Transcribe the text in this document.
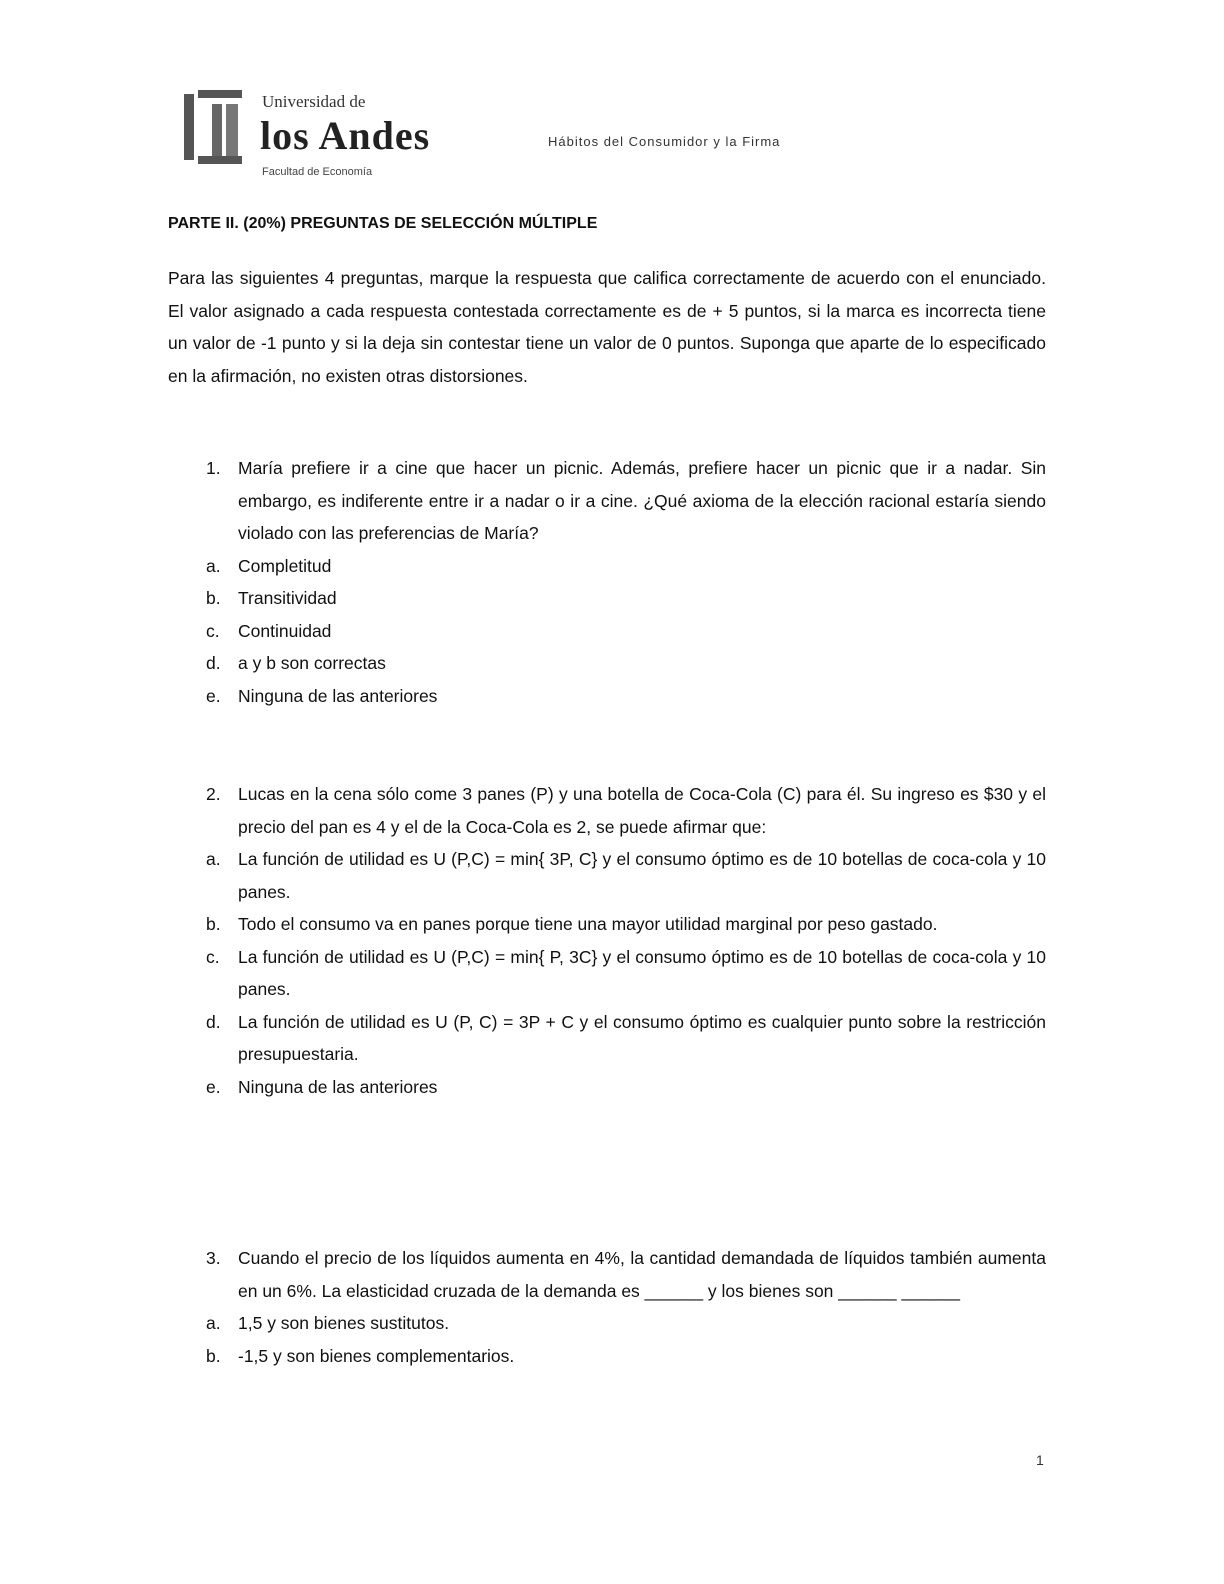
Universidad de
los Andes
Facultad de Economía
Hábitos del Consumidor y la Firma
PARTE II. (20%) PREGUNTAS DE SELECCIÓN MÚLTIPLE
Para las siguientes 4 preguntas, marque la respuesta que califica correctamente de acuerdo con el enunciado. El valor asignado a cada respuesta contestada correctamente es de + 5 puntos, si la marca es incorrecta tiene un valor de -1 punto y si la deja sin contestar tiene un valor de 0 puntos. Suponga que aparte de lo especificado en la afirmación, no existen otras distorsiones.
1. María prefiere ir a cine que hacer un picnic. Además, prefiere hacer un picnic que ir a nadar. Sin embargo, es indiferente entre ir a nadar o ir a cine. ¿Qué axioma de la elección racional estaría siendo violado con las preferencias de María?
a. Completitud
b. Transitividad
c.	Continuidad
d. a y b son correctas
e. Ninguna de las anteriores
2. Lucas en la cena sólo come 3 panes (P) y una botella de Coca-Cola (C) para él. Su ingreso es $30 y el precio del pan es 4 y el de la Coca-Cola es 2, se puede afirmar que:
a. La función de utilidad es U (P,C) = min{ 3P, C} y el consumo óptimo es de 10 botellas de coca-cola y 10 panes.
b. Todo el consumo va en panes porque tiene una mayor utilidad marginal por peso gastado.
c.	La función de utilidad es U (P,C) = min{ P, 3C} y el consumo óptimo es de 10 botellas de coca-cola y 10 panes.
d. La función de utilidad es U (P, C) = 3P + C y el consumo óptimo es cualquier punto sobre la restricción presupuestaria.
e. Ninguna de las anteriores
3. Cuando el precio de los líquidos aumenta en 4%, la cantidad demandada de líquidos también aumenta en un 6%. La elasticidad cruzada de la demanda es ______ y los bienes son ______ ______
a. 1,5 y son bienes sustitutos.
b. -1,5 y son bienes complementarios.
1
